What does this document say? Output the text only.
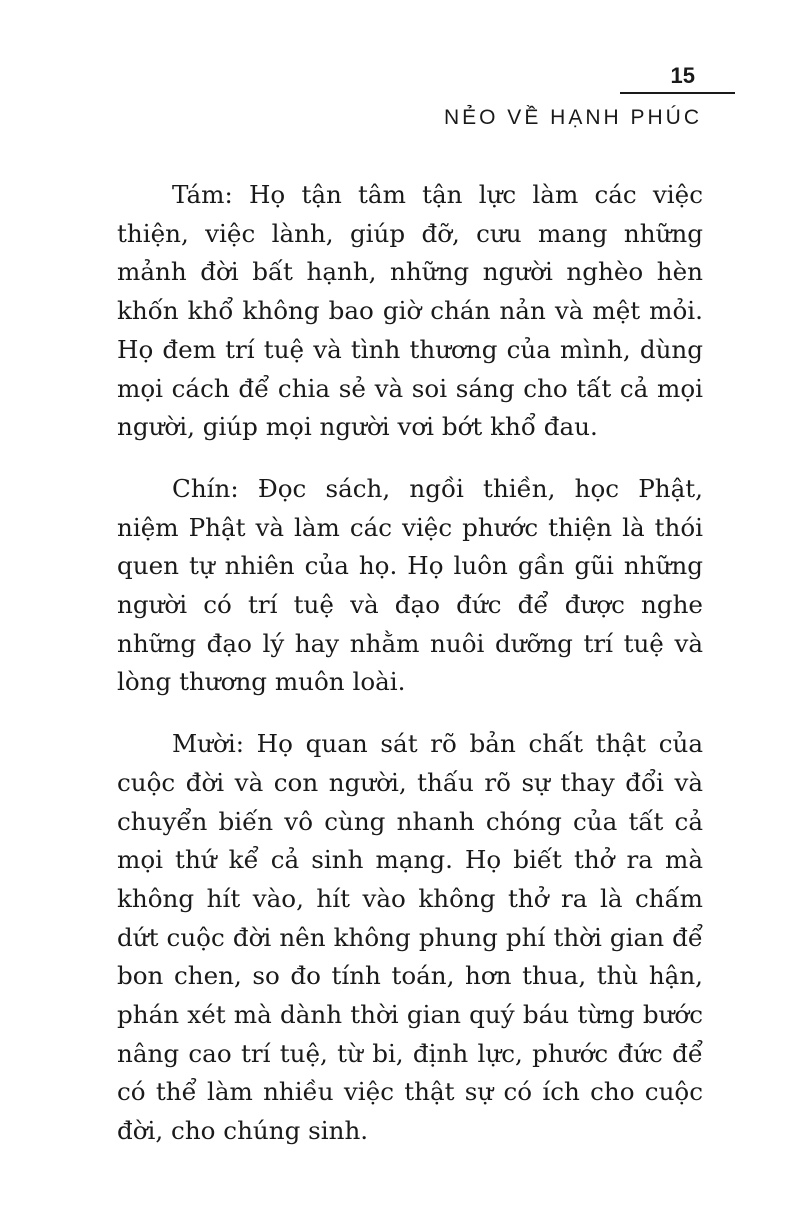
15
NẺO VỀ HẠNH PHÚC

Tám: Họ tận tâm tận lực làm các việc thiện, việc lành, giúp đỡ, cưu mang những mảnh đời bất hạnh, những người nghèo hèn khốn khổ không bao giờ chán nản và mệt mỏi. Họ đem trí tuệ và tình thương của mình, dùng mọi cách để chia sẻ và soi sáng cho tất cả mọi người, giúp mọi người vơi bớt khổ đau.

Chín: Đọc sách, ngồi thiền, học Phật, niệm Phật và làm các việc phước thiện là thói quen tự nhiên của họ. Họ luôn gần gũi những người có trí tuệ và đạo đức để được nghe những đạo lý hay nhằm nuôi dưỡng trí tuệ và lòng thương muôn loài.

Mười: Họ quan sát rõ bản chất thật của cuộc đời và con người, thấu rõ sự thay đổi và chuyển biến vô cùng nhanh chóng của tất cả mọi thứ kể cả sinh mạng. Họ biết thở ra mà không hít vào, hít vào không thở ra là chấm dứt cuộc đời nên không phung phí thời gian để bon chen, so đo tính toán, hơn thua, thù hận, phán xét mà dành thời gian quý báu từng bước nâng cao trí tuệ, từ bi, định lực, phước đức để có thể làm nhiều việc thật sự có ích cho cuộc đời, cho chúng sinh.
